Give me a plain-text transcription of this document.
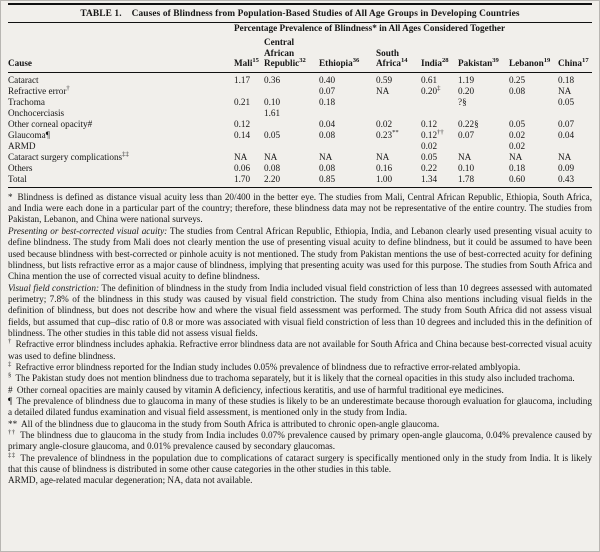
TABLE 1. Causes of Blindness from Population-Based Studies of All Age Groups in Developing Countries
	Percentage Prevalence of Blindness* in All Ages Considered Together							
Cause	Mali$^{15}$	Central
African
Republic$^{32}$	Ethiopia$^{36}$	South
Africa$^{14}$	India$^{28}$	Pakistan$^{39}$	Lebanon$^{19}$	China$^{17}$
Cataract	1.17	0.36	0.40	0.59	0.61	1.19	0.25	0.18
Refractive error†			0.07	NA	0.20‡	0.20	0.08	NA
Trachoma	0.21	0.10	0.18			?§		0.05
Onchocerciasis		1.61						
Other corneal opacity#	0.12		0.04	0.02	0.12	0.22§	0.05	0.07
Glaucoma¶	0.14	0.05	0.08	0.23**	0.12††	0.07	0.02	0.04
ARMD					0.02		0.02	
Cataract surgery complications‡‡	NA	NA	NA	NA	0.05	NA	NA	NA
Others	0.06	0.08	0.08	0.16	0.22	0.10	0.18	0.09
Total	1.70	2.20	0.85	1.00	1.34	1.78	0.60	0.43

* Blindness is defined as distance visual acuity less than 20/400 in the better eye. The studies from Mali, Central African Republic, Ethiopia, South Africa, and India were each done in a particular part of the country; therefore, these blindness data may not be representative of the entire country. The studies from Pakistan, Lebanon, and China were national surveys.

Presenting or best-corrected visual acuity: The studies from Central African Republic, Ethiopia, India, and Lebanon clearly used presenting visual acuity to define blindness. The study from Mali does not clearly mention the use of presenting visual acuity to define blindness, but it could be assumed to have been used because blindness with best-corrected or pinhole acuity is not mentioned. The study from Pakistan mentions the use of best-corrected acuity for defining blindness, but lists refractive error as a major cause of blindness, implying that presenting acuity was used for this purpose. The studies from South Africa and China mention the use of corrected visual acuity to define blindness.

Visual field constriction: The definition of blindness in the study from India included visual field constriction of less than 10 degrees assessed with automated perimetry; 7.8% of the blindness in this study was caused by visual field constriction. The study from China also mentions including visual fields in the definition of blindness, but does not describe how and where the visual field assessment was performed. The study from South Africa did not assess visual fields, but assumed that cup–disc ratio of 0.8 or more was associated with visual field constriction of less than 10 degrees and included this in the definition of blindness. The other studies in this table did not assess visual fields.

† Refractive error blindness includes aphakia. Refractive error blindness data are not available for South Africa and China because best-corrected visual acuity was used to define blindness.

‡ Refractive error blindness reported for the Indian study includes 0.05% prevalence of blindness due to refractive error-related amblyopia.

§ The Pakistan study does not mention blindness due to trachoma separately, but it is likely that the corneal opacities in this study also included trachoma.

# Other corneal opacities are mainly caused by vitamin A deficiency, infectious keratitis, and use of harmful traditional eye medicines.

¶ The prevalence of blindness due to glaucoma in many of these studies is likely to be an underestimate because thorough evaluation for glaucoma, including a detailed dilated fundus examination and visual field assessment, is mentioned only in the study from India.

** All of the blindness due to glaucoma in the study from South Africa is attributed to chronic open-angle glaucoma.

†† The blindness due to glaucoma in the study from India includes 0.07% prevalence caused by primary open-angle glaucoma, 0.04% prevalence caused by primary angle-closure glaucoma, and 0.01% prevalence caused by secondary glaucomas.

‡‡ The prevalence of blindness in the population due to complications of cataract surgery is specifically mentioned only in the study from India. It is likely that this cause of blindness is distributed in some other cause categories in the other studies in this table.

ARMD, age-related macular degeneration; NA, data not available.
